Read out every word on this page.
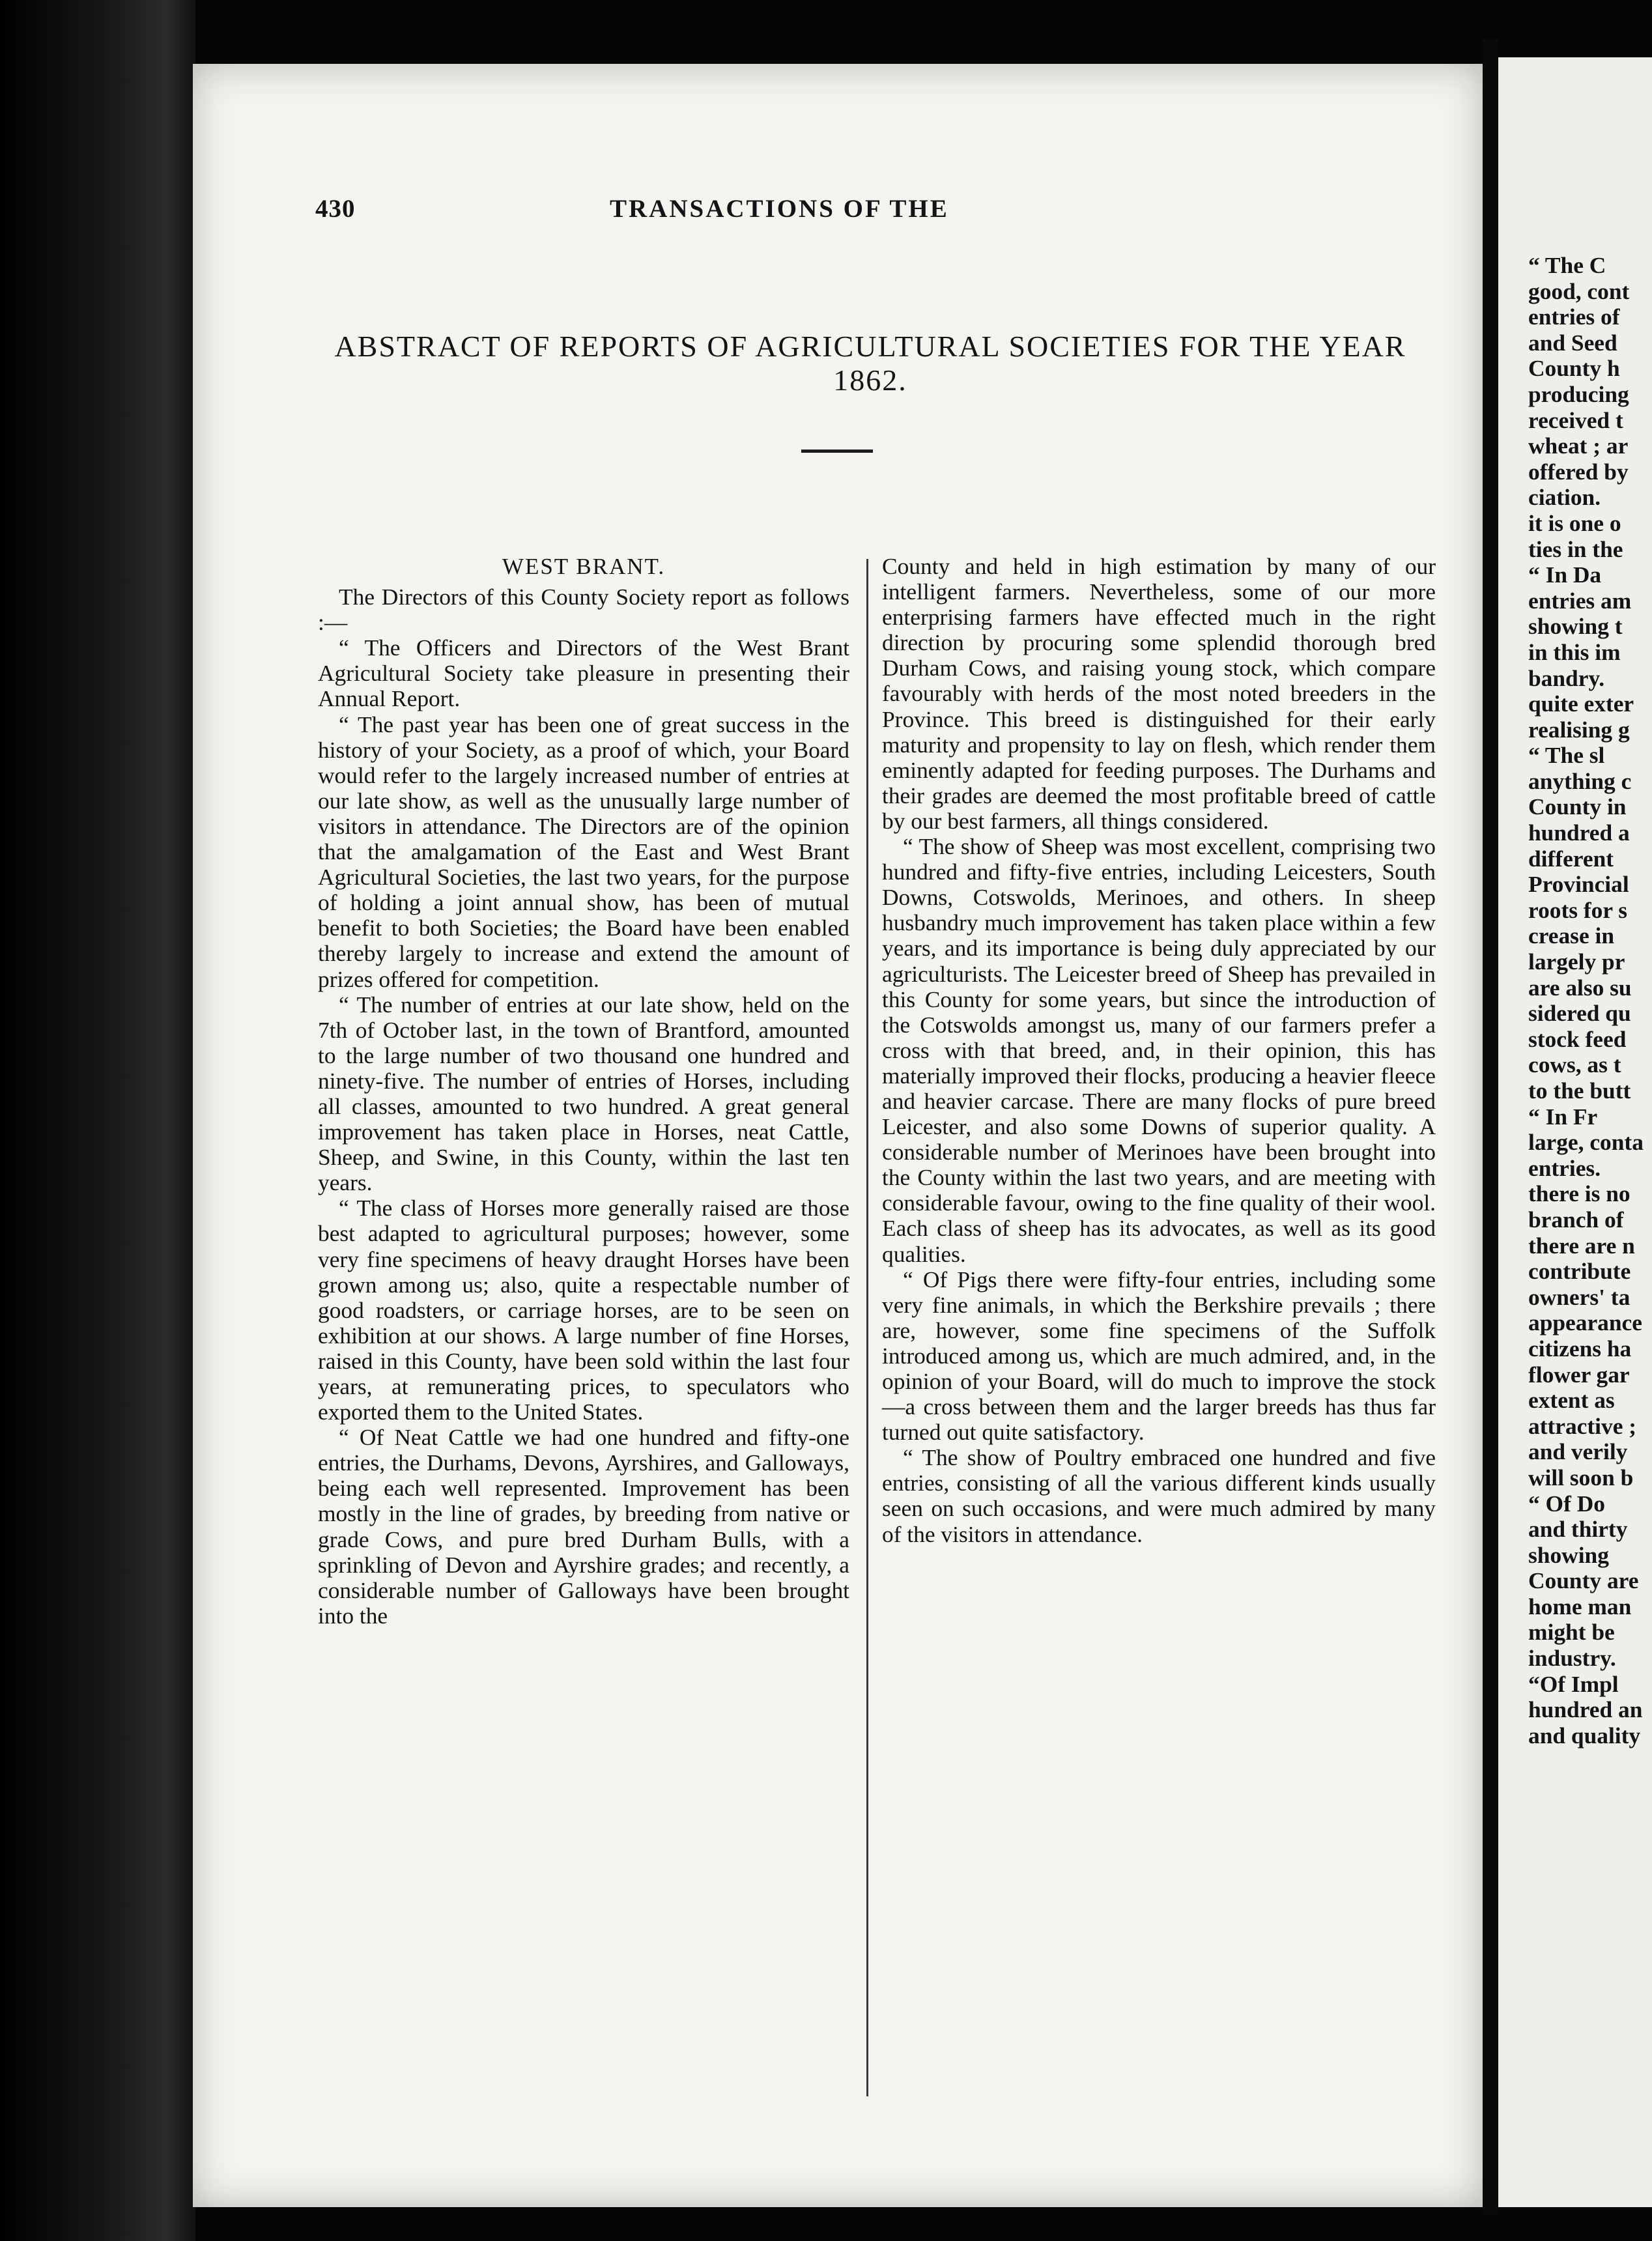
430	TRANSACTIONS OF THE
ABSTRACT OF REPORTS OF AGRICULTURAL SOCIETIES FOR THE YEAR 1862.
WEST BRANT.

The Directors of this County Society report as follows :—

“ The Officers and Directors of the West Brant Agricultural Society take pleasure in presenting their Annual Report.

“ The past year has been one of great success in the history of your Society, as a proof of which, your Board would refer to the largely increased number of entries at our late show, as well as the unusually large number of visitors in attendance. The Directors are of the opinion that the amalgamation of the East and West Brant Agricultural Societies, the last two years, for the purpose of holding a joint annual show, has been of mutual benefit to both Societies; the Board have been enabled thereby largely to increase and extend the amount of prizes offered for competition.

“ The number of entries at our late show, held on the 7th of October last, in the town of Brantford, amounted to the large number of two thousand one hundred and ninety-five. The number of entries of Horses, including all classes, amounted to two hundred. A great general improvement has taken place in Horses, neat Cattle, Sheep, and Swine, in this County, within the last ten years.

“ The class of Horses more generally raised are those best adapted to agricultural purposes; however, some very fine specimens of heavy draught Horses have been grown among us; also, quite a respectable number of good roadsters, or carriage horses, are to be seen on exhibition at our shows. A large number of fine Horses, raised in this County, have been sold within the last four years, at remunerating prices, to speculators who exported them to the United States.

“ Of Neat Cattle we had one hundred and fifty-one entries, the Durhams, Devons, Ayrshires, and Galloways, being each well represented. Improvement has been mostly in the line of grades, by breeding from native or grade Cows, and pure bred Durham Bulls, with a sprinkling of Devon and Ayrshire grades; and recently, a considerable number of Galloways have been brought into the

County and held in high estimation by many of our intelligent farmers. Nevertheless, some of our more enterprising farmers have effected much in the right direction by procuring some splendid thorough bred Durham Cows, and raising young stock, which compare favourably with herds of the most noted breeders in the Province. This breed is distinguished for their early maturity and propensity to lay on flesh, which render them eminently adapted for feeding purposes. The Durhams and their grades are deemed the most profitable breed of cattle by our best farmers, all things considered.

“ The show of Sheep was most excellent, comprising two hundred and fifty-five entries, including Leicesters, South Downs, Cotswolds, Merinoes, and others. In sheep husbandry much improvement has taken place within a few years, and its importance is being duly appreciated by our agriculturists. The Leicester breed of Sheep has prevailed in this County for some years, but since the introduction of the Cotswolds amongst us, many of our farmers prefer a cross with that breed, and, in their opinion, this has materially improved their flocks, producing a heavier fleece and heavier carcase. There are many flocks of pure breed Leicester, and also some Downs of superior quality. A considerable number of Merinoes have been brought into the County within the last two years, and are meeting with considerable favour, owing to the fine quality of their wool. Each class of sheep has its advocates, as well as its good qualities.

“ Of Pigs there were fifty-four entries, including some very fine animals, in which the Berkshire prevails ; there are, however, some fine specimens of the Suffolk introduced among us, which are much admired, and, in the opinion of your Board, will do much to improve the stock—a cross between them and the larger breeds has thus far turned out quite satisfactory.

“ The show of Poultry embraced one hundred and five entries, consisting of all the various different kinds usually seen on such occasions, and were much admired by many of the visitors in attendance.

“ The C
good, cont
entries of
and Seed
County h
producing
received t
wheat ; ar
offered by
ciation.
it is one o
ties in the
“ In Da
entries am
showing t
in this im
bandry.
quite exter
realising g
“ The sl
anything c
County in
hundred a
different
Provincial
roots for s
crease in
largely pr
are also su
sidered qu
stock feed
cows, as t
to the butt
“ In Fr
large, conta
entries.
there is no
branch of
there are n
contribute
owners' ta
appearance
citizens ha
flower gar
extent as
attractive ;
and verily
will soon b
“ Of Do
and thirty
showing
County are
home man
might be
industry.
“Of Impl
hundred an
and quality
